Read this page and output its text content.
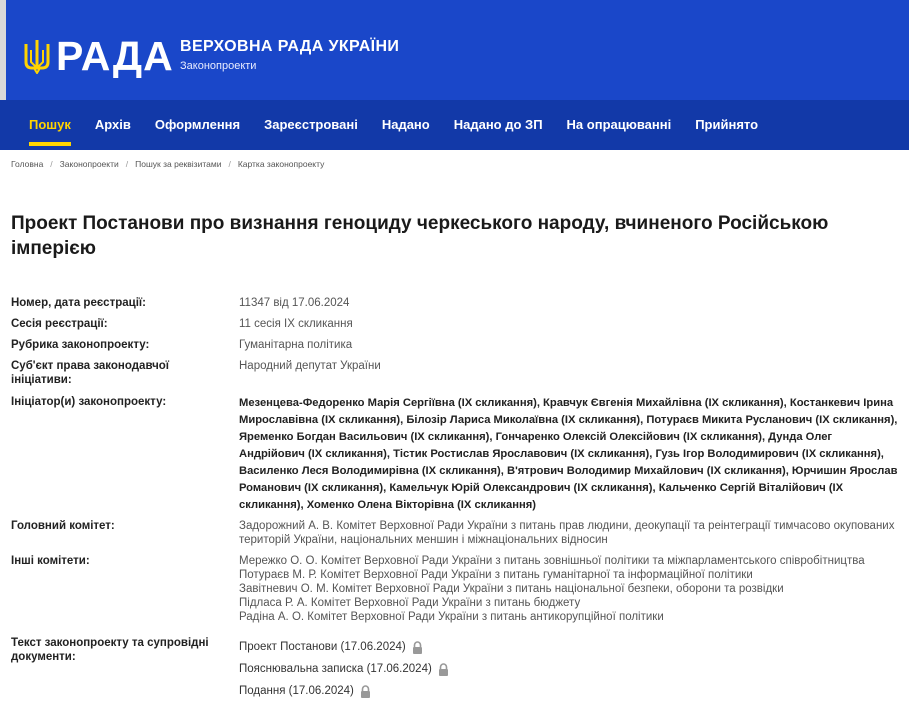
РАДА ВЕРХОВНА РАДА УКРАЇНИ
Законопроекти
Пошук	Архів	Оформлення	Зареєстровані	Надано	Надано до ЗП	На опрацюванні	Прийнято
Головна / Законопроекти / Пошук за реквізитами / Картка законопроекту
Проект Постанови про визнання геноциду черкеського народу, вчиненого Російською імперією
Номер, дата реєстрації:	11347 від 17.06.2024
Сесія реєстрації:	11 сесія IX скликання
Рубрика законопроекту:	Гуманітарна політика
Суб'єкт права законодавчої ініціативи:
Народний депутат України
Ініціатор(и) законопроекту:	Мезенцева-Федоренко Марія Сергіївна (IX скликання), Кравчук Євгенія Михайлівна (IX скликання), Костанкевич Ірина Мирославівна (IX скликання), Білозір Лариса Миколаївна (IX скликання), Потураєв Микита Русланович (IX скликання), Яременко Богдан Васильович (IX скликання), Гончаренко Олексій Олексійович (IX скликання), Дунда Олег Андрійович (IX скликання), Тістик Ростислав Ярославович (IX скликання), Гузь Ігор Володимирович (IX скликання), Василенко Леся Володимирівна (IX скликання), В'ятрович Володимир Михайлович (IX скликання), Юрчишин Ярослав Романович (IX скликання), Камельчук Юрій Олександрович (IX скликання), Кальченко Сергій Віталійович (IX скликання), Хоменко Олена Вікторівна (IX скликання)
Головний комітет:	Задорожний А. В. Комітет Верховної Ради України з питань прав людини, деокупації та реінтеграції тимчасово окупованих територій України, національних меншин і міжнаціональних відносин
Інші комітети:	Мережко О. О. Комітет Верховної Ради України з питань зовнішньої політики та міжпарламентського співробітництва
Потураєв М. Р. Комітет Верховної Ради України з питань гуманітарної та інформаційної політики
Завітневич О. М. Комітет Верховної Ради України з питань національної безпеки, оборони та розвідки
Підласа Р. А. Комітет Верховної Ради України з питань бюджету
Радіна А. О. Комітет Верховної Ради України з питань антикорупційної політики
Текст законопроекту та супровідні документи:
Проект Постанови (17.06.2024)
Пояснювальна записка (17.06.2024)
Подання (17.06.2024)
